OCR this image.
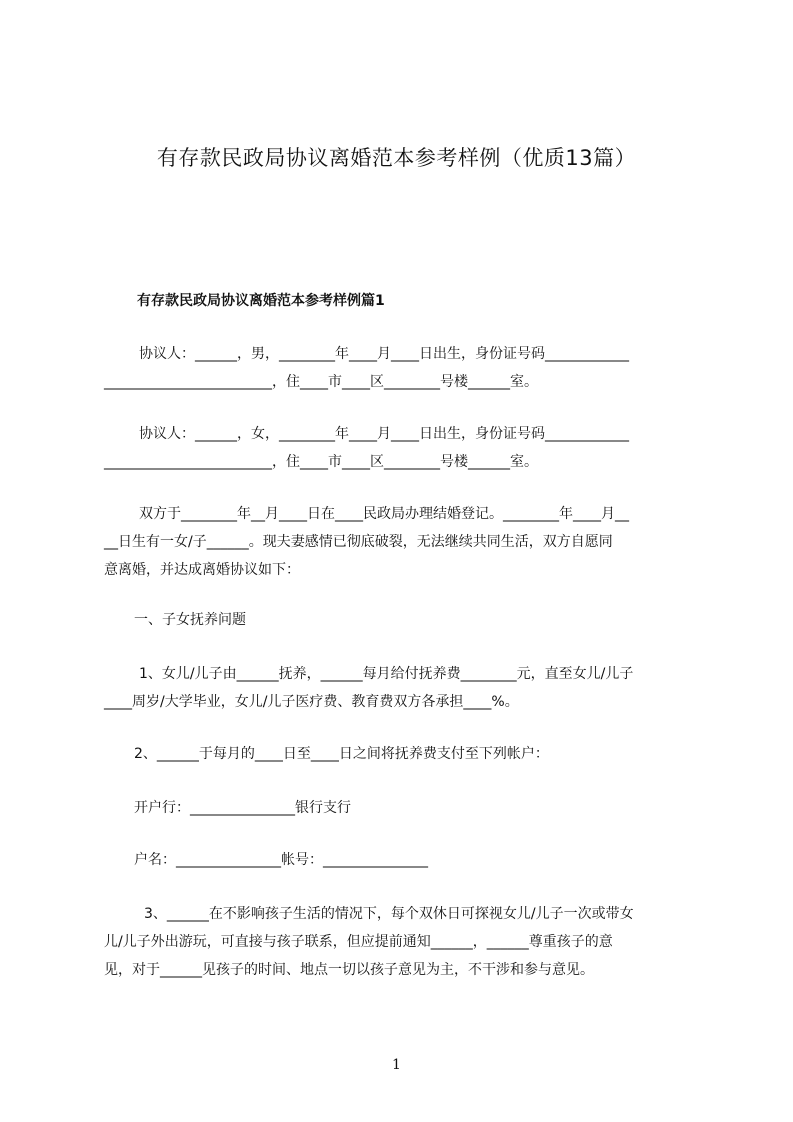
有存款民政局协议离婚范本参考样例（优质13篇）
有存款民政局协议离婚范本参考样例篇1
协议人：______，男，________年____月____日出生，身份证号码____________
________________________，住____市____区________号楼______室。
协议人：______，女，________年____月____日出生，身份证号码____________
________________________，住____市____区________号楼______室。
双方于________年__月____日在____民政局办理结婚登记。________年____月__
__日生有一女/子______。现夫妻感情已彻底破裂，无法继续共同生活，双方自愿同
意离婚，并达成离婚协议如下：
一、子女抚养问题
1、女儿/儿子由______抚养，______每月给付抚养费________元，直至女儿/儿子
____周岁/大学毕业，女儿/儿子医疗费、教育费双方各承担____%。
2、______于每月的____日至____日之间将抚养费支付至下列帐户：
开户行：_______________银行支行
户名：_______________帐号：_______________
3、______在不影响孩子生活的情况下，每个双休日可探视女儿/儿子一次或带女
儿/儿子外出游玩，可直接与孩子联系，但应提前通知______，______尊重孩子的意
见，对于______见孩子的时间、地点一切以孩子意见为主，不干涉和参与意见。
1
